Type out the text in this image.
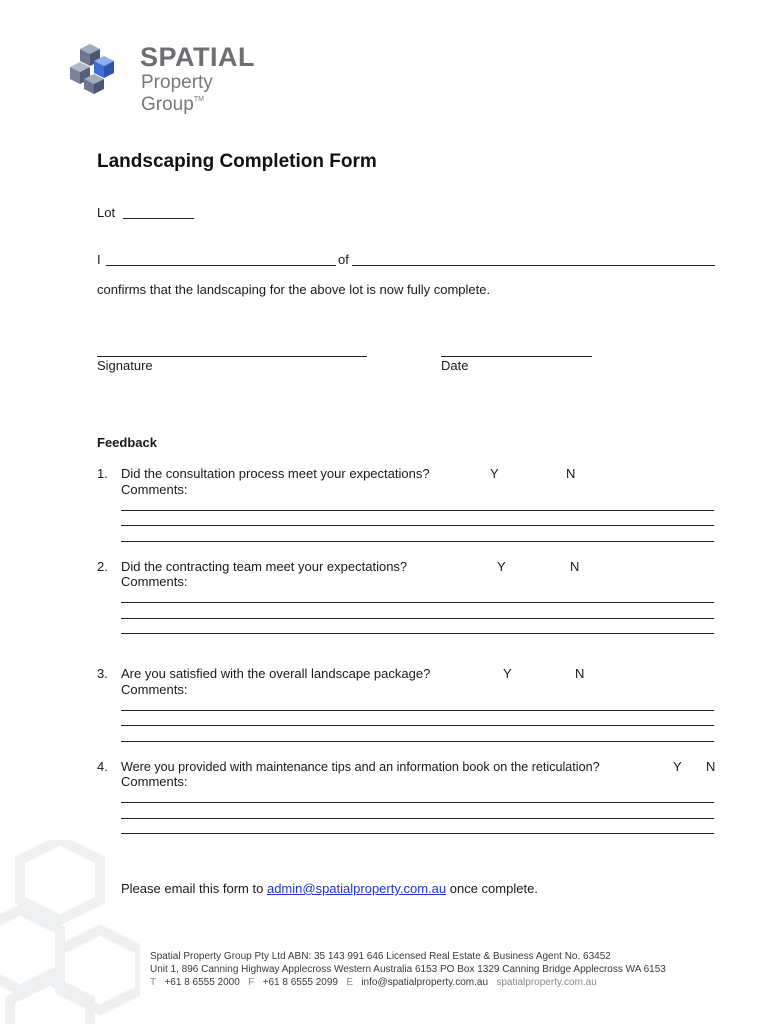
SPATIAL
Property Group™
Landscaping Completion Form
Lot
I	of
confirms that the landscaping for the above lot is now fully complete.
Signature	Date
Feedback
1. Did the consultation process meet your expectations?	Y	N
Comments:
2. Did the contracting team meet your expectations?	Y	N
Comments:
3. Are you satisfied with the overall landscape package?	Y	N
Comments:
4. Were you provided with maintenance tips and an information book on the reticulation?	Y N
Comments:
Please email this form to admin@spatialproperty.com.au once complete.
Spatial Property Group Pty Ltd ABN: 35 143 991 646 Licensed Real Estate & Business Agent No. 63452
Unit 1, 896 Canning Highway Applecross Western Australia 6153 PO Box 1329 Canning Bridge Applecross WA 6153
T +61 8 6555 2000 F +61 8 6555 2099 E info@spatialproperty.com.au spatialproperty.com.au
